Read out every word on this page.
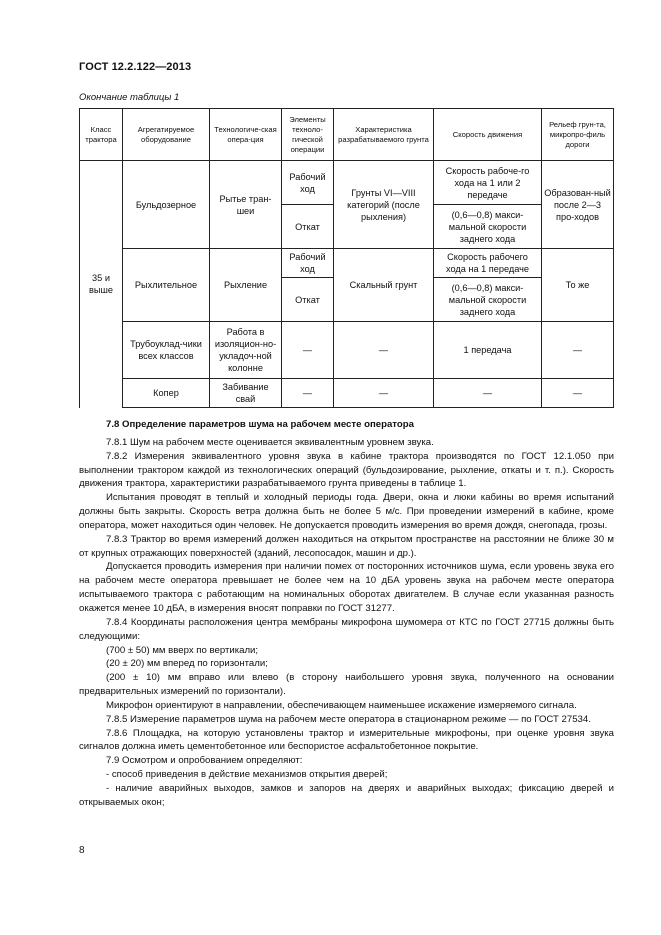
ГОСТ 12.2.122—2013
Окончание таблицы 1
Класс трактора	Агрегатируемое оборудование	Технологиче-ская опера-ция	Элементы техноло-гической операции	Характеристика разрабатываемого грунта	Скорость движения	Рельеф грун-та, микропро-филь дороги
35 и выше	Бульдозерное	Рытье тран-шеи	Рабочий ход	Грунты VI—VIII категорий (после рыхления)	Скорость рабоче-го хода на 1 или 2 передаче	Образован-ный после 2—3 про-ходов
			Откат		(0,6—0,8) макси-мальной скорости заднего хода	
	Рыхлительное	Рыхление	Рабочий ход	Скальный грунт	Скорость рабочего хода на 1 передаче	То же
			Откат		(0,6—0,8) макси-мальной скорости заднего хода	
	Трубоуклад-чики всех классов	Работа в изоляцион-но-укладоч-ной колонне	—	—	1 передача	—
	Копер	Забивание свай	—	—	—	—

7.8 Определение параметров шума на рабочем месте оператора

7.8.1 Шум на рабочем месте оценивается эквивалентным уровнем звука.

7.8.2 Измерения эквивалентного уровня звука в кабине трактора производятся по ГОСТ 12.1.050 при выполнении трактором каждой из технологических операций (бульдозирование, рыхление, откаты и т. п.). Скорость движения трактора, характеристики разрабатываемого грунта приведены в таблице 1.

Испытания проводят в теплый и холодный периоды года. Двери, окна и люки кабины во время испытаний должны быть закрыты. Скорость ветра должна быть не более 5 м/с. При проведении измерений в кабине, кроме оператора, может находиться один человек. Не допускается проводить измерения во время дождя, снегопада, грозы.

7.8.3 Трактор во время измерений должен находиться на открытом пространстве на расстоянии не ближе 30 м от крупных отражающих поверхностей (зданий, лесопосадок, машин и др.).

Допускается проводить измерения при наличии помех от посторонних источников шума, если уровень звука его на рабочем месте оператора превышает не более чем на 10 дБА уровень звука на рабочем месте оператора испытываемого трактора с работающим на номинальных оборотах двигателем. В случае если указанная разность окажется менее 10 дБА, в измерения вносят поправки по ГОСТ 31277.

7.8.4 Координаты расположения центра мембраны микрофона шумомера от КТС по ГОСТ 27715 должны быть следующими:

(700 ± 50) мм вверх по вертикали;

(20 ± 20) мм вперед по горизонтали;

(200 ± 10) мм вправо или влево (в сторону наибольшего уровня звука, полученного на основании предварительных измерений по горизонтали).

Микрофон ориентируют в направлении, обеспечивающем наименьшее искажение измеряемого сигнала.

7.8.5 Измерение параметров шума на рабочем месте оператора в стационарном режиме — по ГОСТ 27534.

7.8.6 Площадка, на которую установлены трактор и измерительные микрофоны, при оценке уровня звука сигналов должна иметь цементобетонное или беспористое асфальтобетонное покрытие.

7.9 Осмотром и опробованием определяют:

- способ приведения в действие механизмов открытия дверей;

- наличие аварийных выходов, замков и запоров на дверях и аварийных выходах; фиксацию дверей и открываемых окон;

8
